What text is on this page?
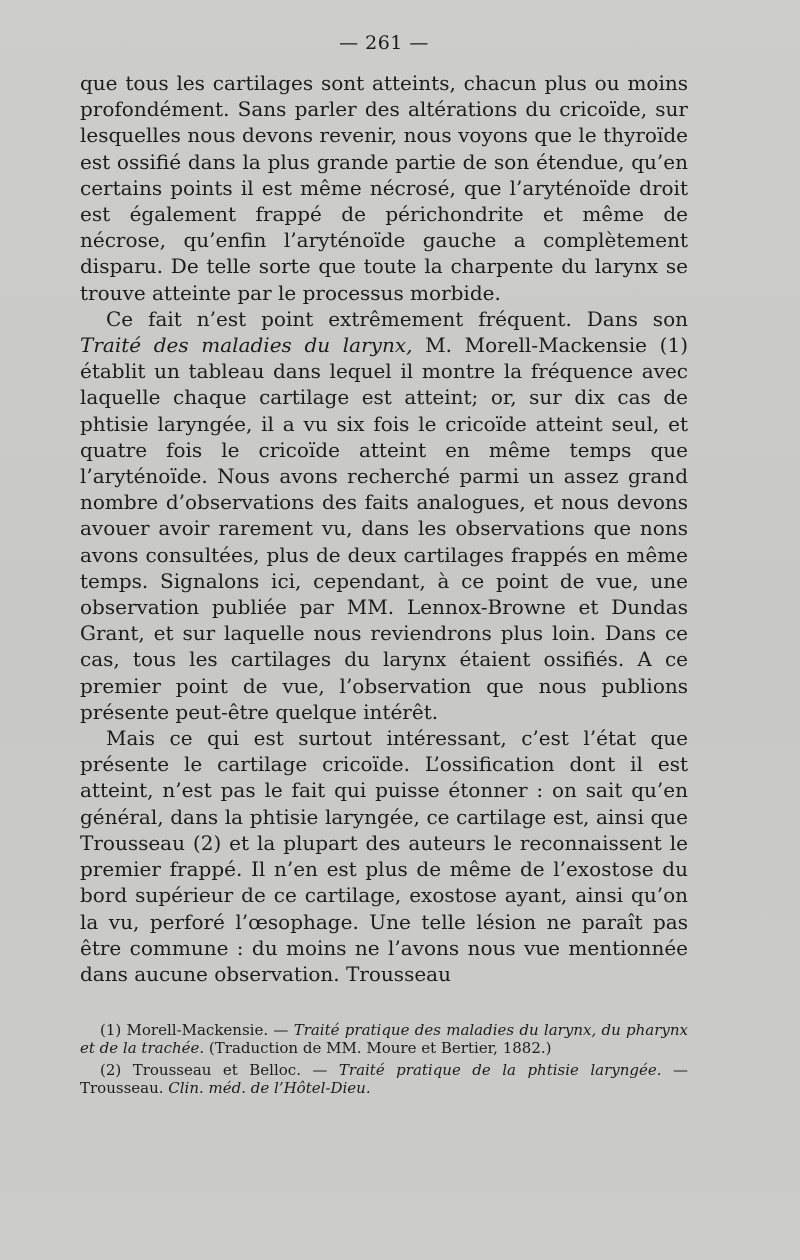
— 261 —

que tous les cartilages sont atteints, chacun plus ou moins profondément. Sans parler des altérations du cricoïde, sur lesquelles nous devons revenir, nous voyons que le thyroïde est ossifié dans la plus grande partie de son étendue, qu’en certains points il est même nécrosé, que l’aryténoïde droit est également frappé de périchondrite et même de nécrose, qu’enfin l’aryténoïde gauche a complètement disparu. De telle sorte que toute la charpente du larynx se trouve atteinte par le processus morbide.

Ce fait n’est point extrêmement fréquent. Dans son Traité des maladies du larynx, M. Morell-Mackensie (1) établit un tableau dans lequel il montre la fréquence avec laquelle chaque cartilage est atteint; or, sur dix cas de phtisie laryngée, il a vu six fois le cricoïde atteint seul, et quatre fois le cricoïde atteint en même temps que l’aryténoïde. Nous avons recherché parmi un assez grand nombre d’observations des faits analogues, et nous devons avouer avoir rarement vu, dans les observations que nons avons consultées, plus de deux cartilages frappés en même temps. Signalons ici, cependant, à ce point de vue, une observation publiée par MM. Lennox-Browne et Dundas Grant, et sur laquelle nous reviendrons plus loin. Dans ce cas, tous les cartilages du larynx étaient ossifiés. A ce premier point de vue, l’observation que nous publions présente peut-être quelque intérêt.

Mais ce qui est surtout intéressant, c’est l’état que présente le cartilage cricoïde. L’ossification dont il est atteint, n’est pas le fait qui puisse étonner : on sait qu’en général, dans la phtisie laryngée, ce cartilage est, ainsi que Trousseau (2) et la plupart des auteurs le reconnaissent le premier frappé. Il n’en est plus de même de l’exostose du bord supérieur de ce cartilage, exostose ayant, ainsi qu’on la vu, perforé l’œsophage. Une telle lésion ne paraît pas être commune : du moins ne l’avons nous vue mentionnée dans aucune observation. Trousseau

(1) Morell-Mackensie. — Traité pratique des maladies du larynx, du pharynx et de la trachée. (Traduction de MM. Moure et Bertier, 1882.)

(2) Trousseau et Belloc. — Traité pratique de la phtisie laryngée. — Trousseau. Clin. méd. de l’Hôtel-Dieu.
